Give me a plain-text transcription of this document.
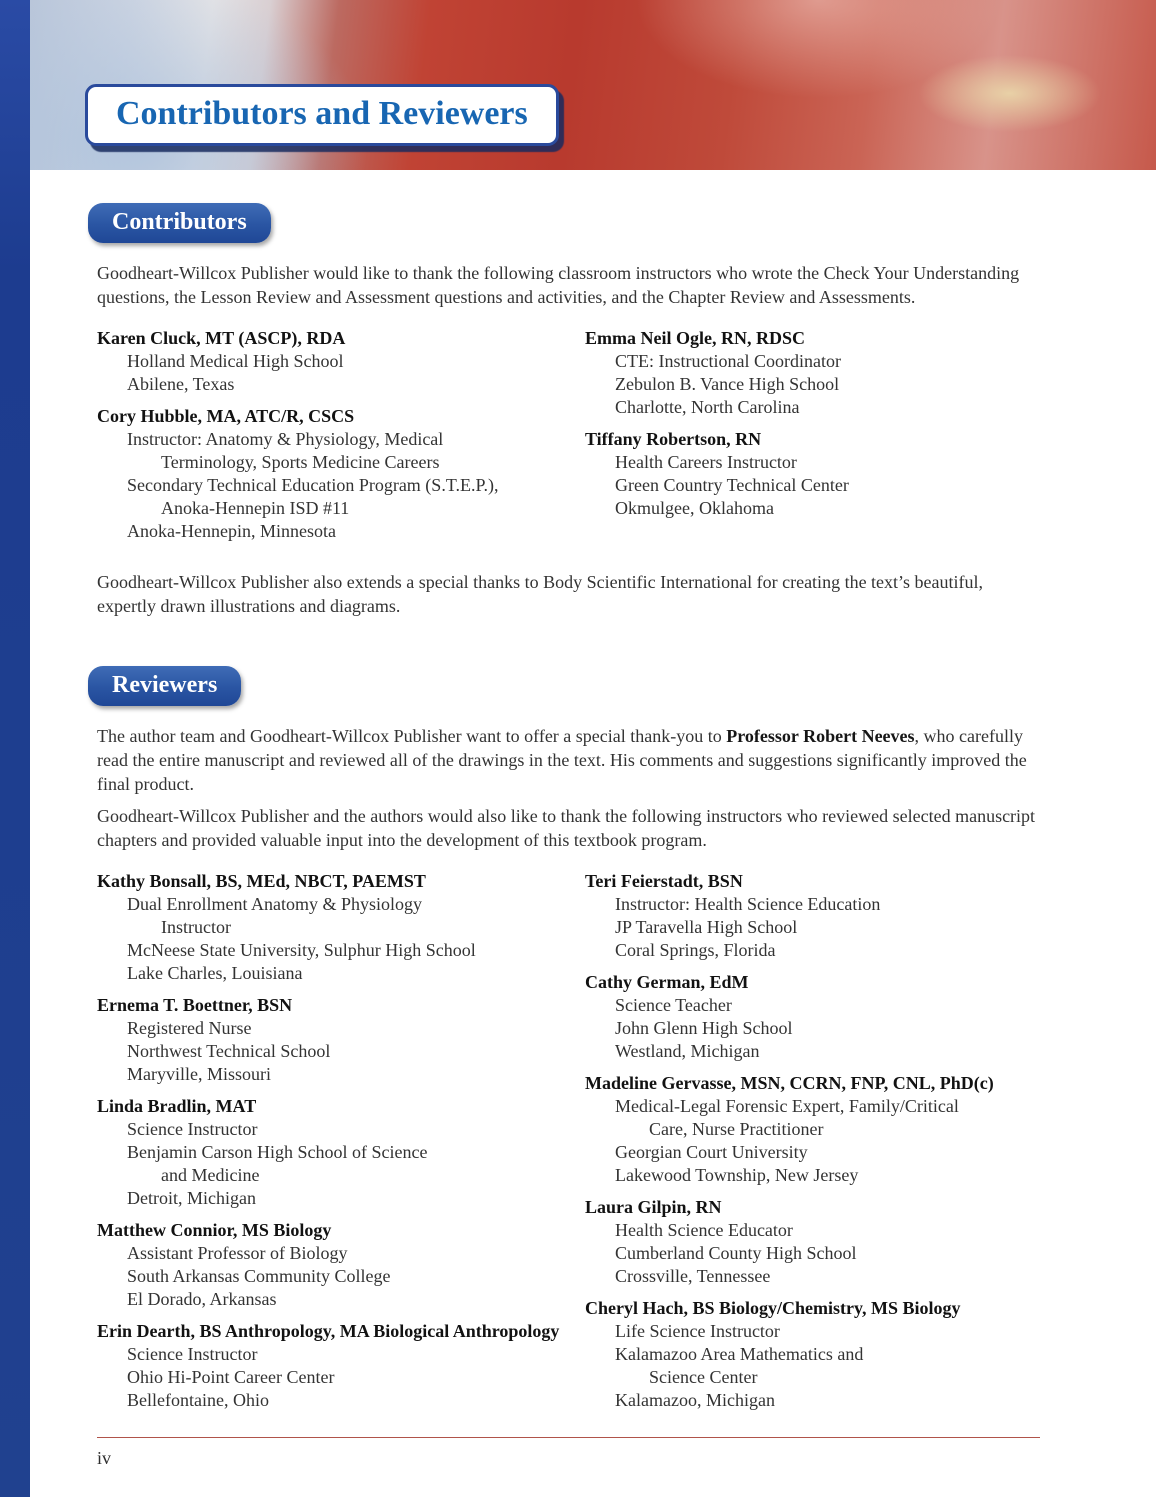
Contributors and Reviewers
Contributors

Goodheart-Willcox Publisher would like to thank the following classroom instructors who wrote the Check Your Understanding questions, the Lesson Review and Assessment questions and activities, and the Chapter Review and Assessments.

Karen Cluck, MT (ASCP), RDA
Holland Medical High School
Abilene, Texas
Cory Hubble, MA, ATC/R, CSCS
Instructor: Anatomy & Physiology, Medical
Terminology, Sports Medicine Careers
Secondary Technical Education Program (S.T.E.P.),
Anoka-Hennepin ISD #11
Anoka-Hennepin, Minnesota
Emma Neil Ogle, RN, RDSC
CTE: Instructional Coordinator
Zebulon B. Vance High School
Charlotte, North Carolina
Tiffany Robertson, RN
Health Careers Instructor
Green Country Technical Center
Okmulgee, Oklahoma

Goodheart-Willcox Publisher also extends a special thanks to Body Scientific International for creating the text’s beautiful, expertly drawn illustrations and diagrams.

Reviewers

The author team and Goodheart-Willcox Publisher want to offer a special thank-you to Professor Robert Neeves, who carefully read the entire manuscript and reviewed all of the drawings in the text. His comments and suggestions significantly improved the final product.

Goodheart-Willcox Publisher and the authors would also like to thank the following instructors who reviewed selected manuscript chapters and provided valuable input into the development of this textbook program.

Kathy Bonsall, BS, MEd, NBCT, PAEMST
Dual Enrollment Anatomy & Physiology
Instructor
McNeese State University, Sulphur High School
Lake Charles, Louisiana
Ernema T. Boettner, BSN
Registered Nurse
Northwest Technical School
Maryville, Missouri
Linda Bradlin, MAT
Science Instructor
Benjamin Carson High School of Science
and Medicine
Detroit, Michigan
Matthew Connior, MS Biology
Assistant Professor of Biology
South Arkansas Community College
El Dorado, Arkansas
Erin Dearth, BS Anthropology, MA Biological Anthropology
Science Instructor
Ohio Hi-Point Career Center
Bellefontaine, Ohio
Teri Feierstadt, BSN
Instructor: Health Science Education
JP Taravella High School
Coral Springs, Florida
Cathy German, EdM
Science Teacher
John Glenn High School
Westland, Michigan
Madeline Gervasse, MSN, CCRN, FNP, CNL, PhD(c)
Medical-Legal Forensic Expert, Family/Critical
Care, Nurse Practitioner
Georgian Court University
Lakewood Township, New Jersey
Laura Gilpin, RN
Health Science Educator
Cumberland County High School
Crossville, Tennessee
Cheryl Hach, BS Biology/Chemistry, MS Biology
Life Science Instructor
Kalamazoo Area Mathematics and
Science Center
Kalamazoo, Michigan
iv
